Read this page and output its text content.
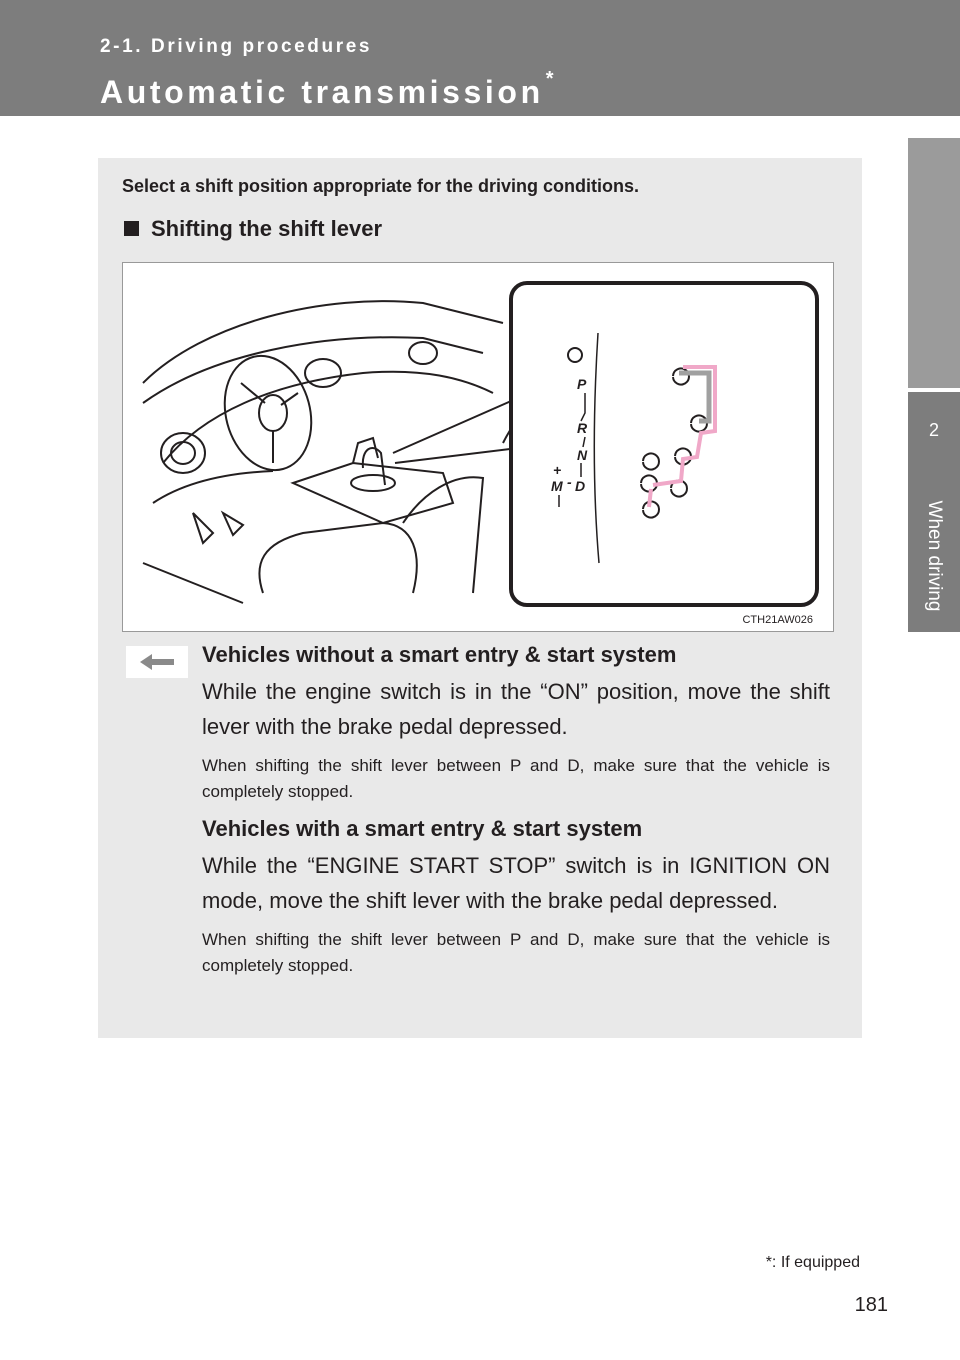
2-1. Driving procedures
Automatic transmission *
2
When driving
Select a shift position appropriate for the driving conditions.
Shifting the shift lever
P
R
N
D
M
+
-
CTH21AW026
Vehicles without a smart entry & start system
While the engine switch is in the “ON” position, move the shift lever with the brake pedal depressed.
When shifting the shift lever between P and D, make sure that the vehicle is completely stopped.
Vehicles with a smart entry & start system
While the “ENGINE START STOP” switch is in IGNITION ON mode, move the shift lever with the brake pedal depressed.
When shifting the shift lever between P and D, make sure that the vehicle is completely stopped.
*: If equipped
181
